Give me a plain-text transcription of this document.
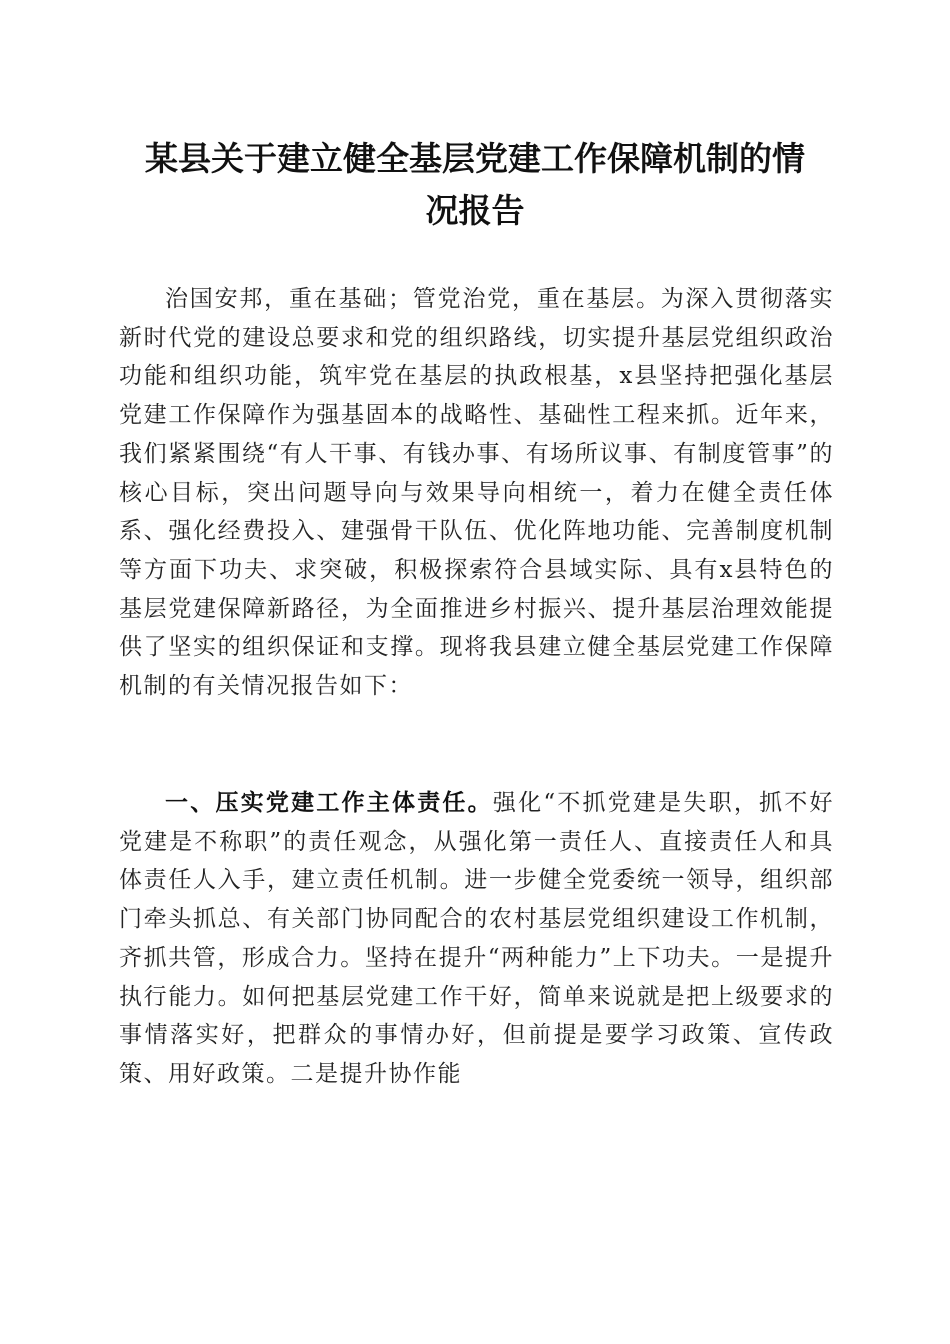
某县关于建立健全基层党建工作保障机制的情
况报告

治国安邦，重在基础；管党治党，重在基层。为深入贯彻落实新时代党的建设总要求和党的组织路线，切实提升基层党组织政治功能和组织功能，筑牢党在基层的执政根基，x县坚持把强化基层党建工作保障作为强基固本的战略性、基础性工程来抓。近年来，我们紧紧围绕“有人干事、有钱办事、有场所议事、有制度管事”的核心目标，突出问题导向与效果导向相统一，着力在健全责任体系、强化经费投入、建强骨干队伍、优化阵地功能、完善制度机制等方面下功夫、求突破，积极探索符合县域实际、具有x县特色的基层党建保障新路径，为全面推进乡村振兴、提升基层治理效能提供了坚实的组织保证和支撑。现将我县建立健全基层党建工作保障机制的有关情况报告如下：

一、压实党建工作主体责任。强化“不抓党建是失职，抓不好党建是不称职”的责任观念，从强化第一责任人、直接责任人和具体责任人入手，建立责任机制。进一步健全党委统一领导，组织部门牵头抓总、有关部门协同配合的农村基层党组织建设工作机制，齐抓共管，形成合力。坚持在提升“两种能力”上下功夫。一是提升执行能力。如何把基层党建工作干好，简单来说就是把上级要求的事情落实好，把群众的事情办好，但前提是要学习政策、宣传政策、用好政策。二是提升协作能
